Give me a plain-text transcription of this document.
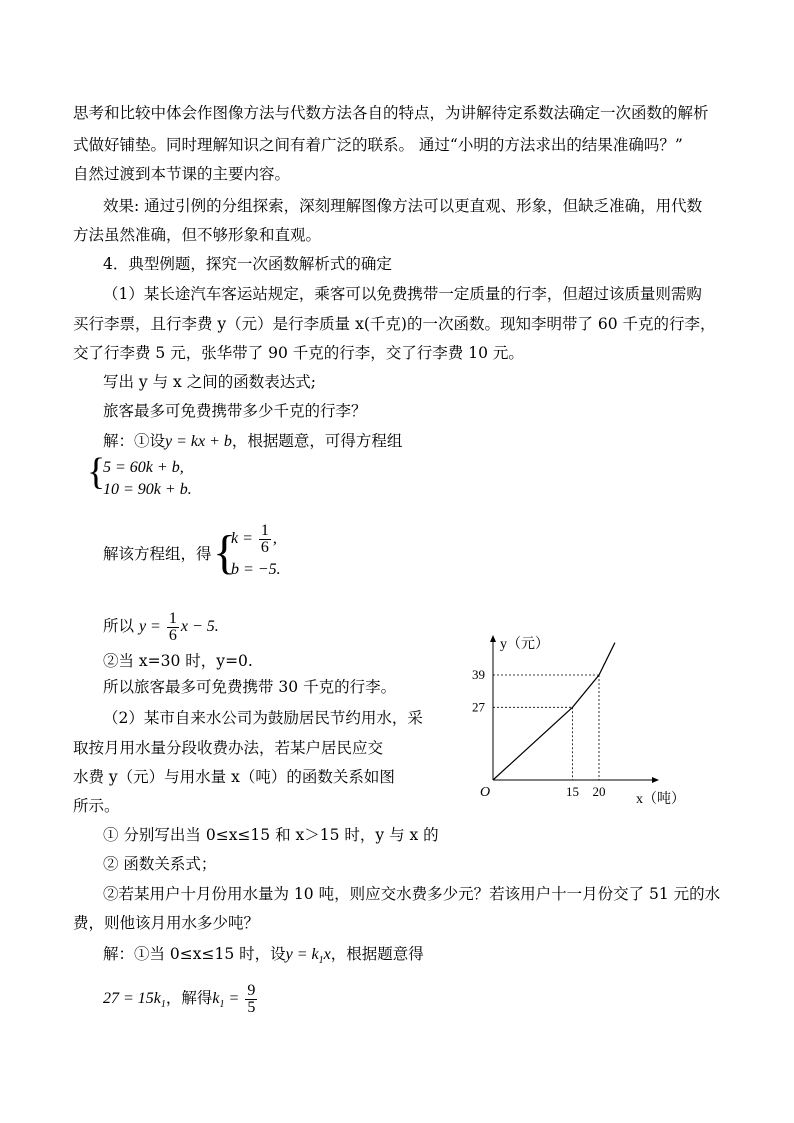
思考和比较中体会作图像方法与代数方法各自的特点，为讲解待定系数法确定一次函数的解析
式做好铺垫。同时理解知识之间有着广泛的联系。 通过“小明的方法求出的结果准确吗？”
自然过渡到本节课的主要内容。
效果: 通过引例的分组探索，深刻理解图像方法可以更直观、形象，但缺乏准确，用代数
方法虽然准确，但不够形象和直观。
4．典型例题，探究一次函数解析式的确定
（1）某长途汽车客运站规定，乘客可以免费携带一定质量的行李，但超过该质量则需购
买行李票，且行李费 y（元）是行李质量 x(千克)的一次函数。现知李明带了 60 千克的行李，
交了行李费 5 元，张华带了 90 千克的行李，交了行李费 10 元。
写出 y 与 x 之间的函数表达式;
旅客最多可免费携带多少千克的行李？
解：①设y = kx + b，根据题意，可得方程组
{
5 = 60k + b,
10 = 90k + b.
解该方程组，得 {
$k = \frac{1}{6}$ ,
b = −5.
所以 $y = \frac{1}{6}$ x − 5.
②当 x=30 时，y=0.
所以旅客最多可免费携带 30 千克的行李。
（2）某市自来水公司为鼓励居民节约用水，采
取按月用水量分段收费办法，若某户居民应交
水费 y（元）与用水量 x（吨）的函数关系如图
所示。
① 分别写出当 0≤x≤15 和 x＞15 时，y 与 x 的
② 函数关系式；
②若某用户十月份用水量为 10 吨，则应交水费多少元？若该用户十一月份交了 51 元的水
费，则他该月用水多少吨？
解：①当 0≤x≤15 时，设$y = k_1x$，根据题意得
$27 = 15k_1$，解得$k_1 = \frac{9}{5}$
y（元）
x（吨）
O	15 20
27
39
